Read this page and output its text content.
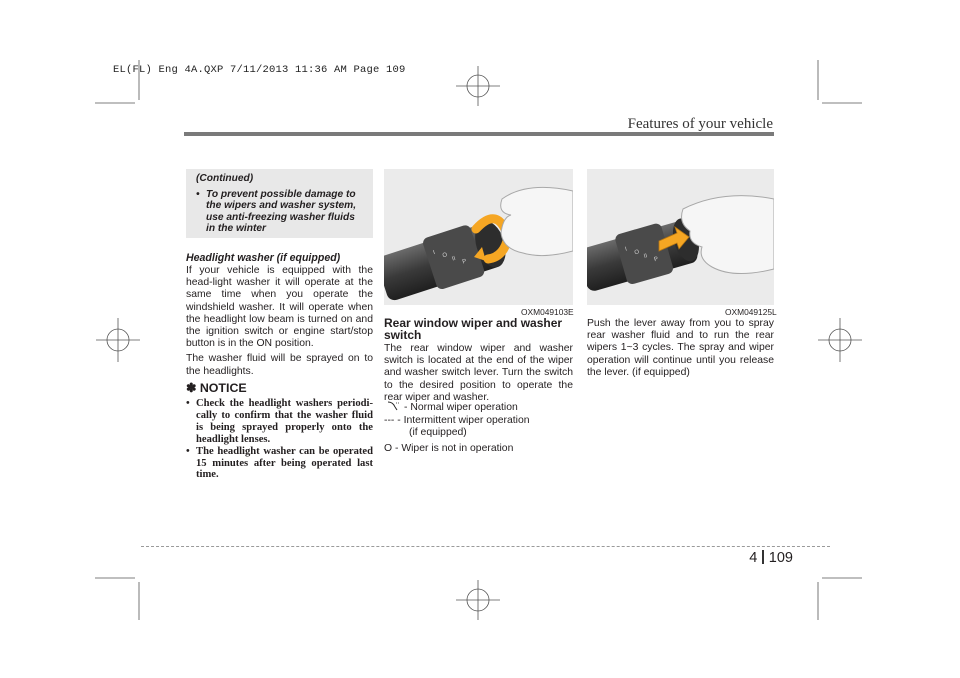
EL(FL) Eng 4A.QXP 7/11/2013 11:36 AM Page 109
Features of your vehicle

(Continued)

• To prevent possible damage to the wipers and washer system, use anti-freezing washer fluids in the winter

Headlight washer (if equipped)

If your vehicle is equipped with the head-light washer it will operate at the same time when you operate the windshield washer. It will operate when the headlight low beam is turned on and the ignition switch or engine start/stop button is in the ON position.

The washer fluid will be sprayed on to the headlights.

✽ NOTICE
• Check the headlight washers periodi-cally to confirm that the washer fluid is being sprayed properly onto the headlight lenses.
• The headlight washer can be operated 15 minutes after being operated last time.
I O II P
OXM049103E
Rear window wiper and washer switch
The rear window wiper and washer switch is located at the end of the wiper and washer switch lever. Turn the switch to the desired position to operate the rear wiper and washer.

- Normal wiper operation

--- - Intermittent wiper operation

(if equipped)

O - Wiper is not in operation

I O
II P
OXM049125L
Push the lever away from you to spray rear washer fluid and to run the rear wipers 1~3 cycles. The spray and wiper operation will continue until you release the lever. (if equipped)
4 109
